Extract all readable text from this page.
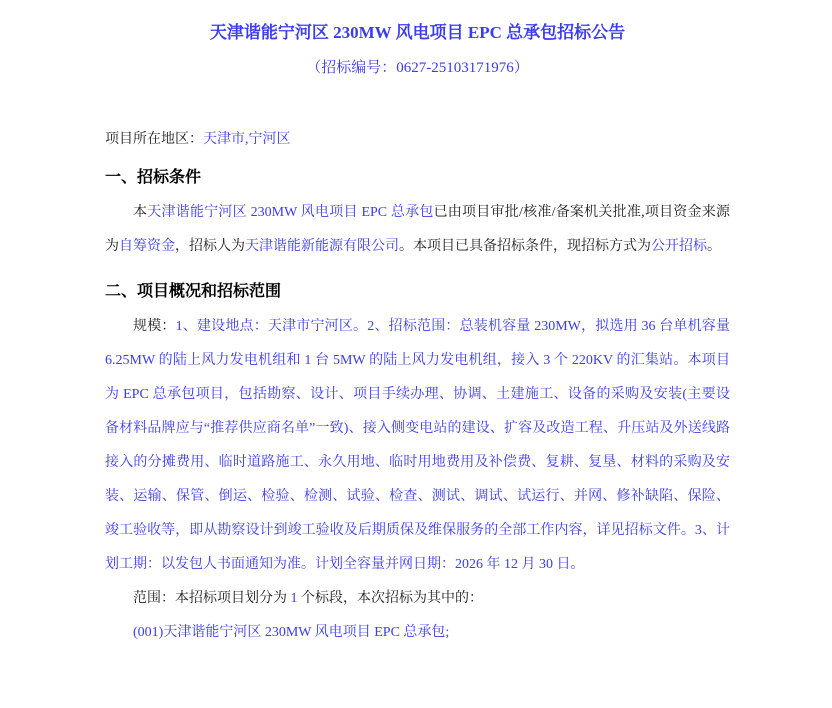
天津谐能宁河区 230MW 风电项目 EPC 总承包招标公告
（招标编号：0627-25103171976）
项目所在地区：天津市,宁河区
一、招标条件

本天津谐能宁河区 230MW 风电项目 EPC 总承包已由项目审批/核准/备案机关批准,项目资金来源为自筹资金，招标人为天津谐能新能源有限公司。本项目已具备招标条件，现招标方式为公开招标。

二、项目概况和招标范围

规模：1、建设地点：天津市宁河区。2、招标范围：总装机容量 230MW，拟选用 36 台单机容量 6.25MW 的陆上风力发电机组和 1 台 5MW 的陆上风力发电机组，接入 3 个 220KV 的汇集站。本项目为 EPC 总承包项目，包括勘察、设计、项目手续办理、协调、土建施工、设备的采购及安装(主要设备材料品牌应与“推荐供应商名单”一致)、接入侧变电站的建设、扩容及改造工程、升压站及外送线路接入的分摊费用、临时道路施工、永久用地、临时用地费用及补偿费、复耕、复垦、材料的采购及安装、运输、保管、倒运、检验、检测、试验、检查、测试、调试、试运行、并网、修补缺陷、保险、竣工验收等，即从勘察设计到竣工验收及后期质保及维保服务的全部工作内容，详见招标文件。3、计划工期：以发包人书面通知为准。计划全容量并网日期：2026 年 12 月 30 日。

范围：本招标项目划分为 1 个标段，本次招标为其中的：

(001)天津谐能宁河区 230MW 风电项目 EPC 总承包;
